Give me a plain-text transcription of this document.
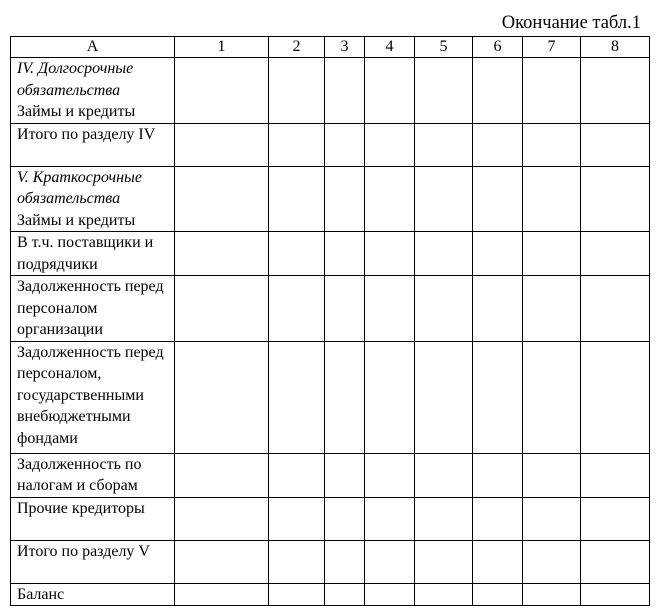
Окончание табл.1
А	1	2	3	4	5	6	7	8

IV. Долгосрочные обязательства
Займы и кредиты								

Итого по разделу IV								

V. Краткосрочные обязательства
Займы и кредиты								

В т.ч. поставщики и подрядчики								

Задолженность перед персоналом организации								

Задолженность перед персоналом, государственными внебюджетными фондами								

Задолженность по налогам и сборам								

Прочие кредиторы								

Итого по разделу V								

Баланс								
